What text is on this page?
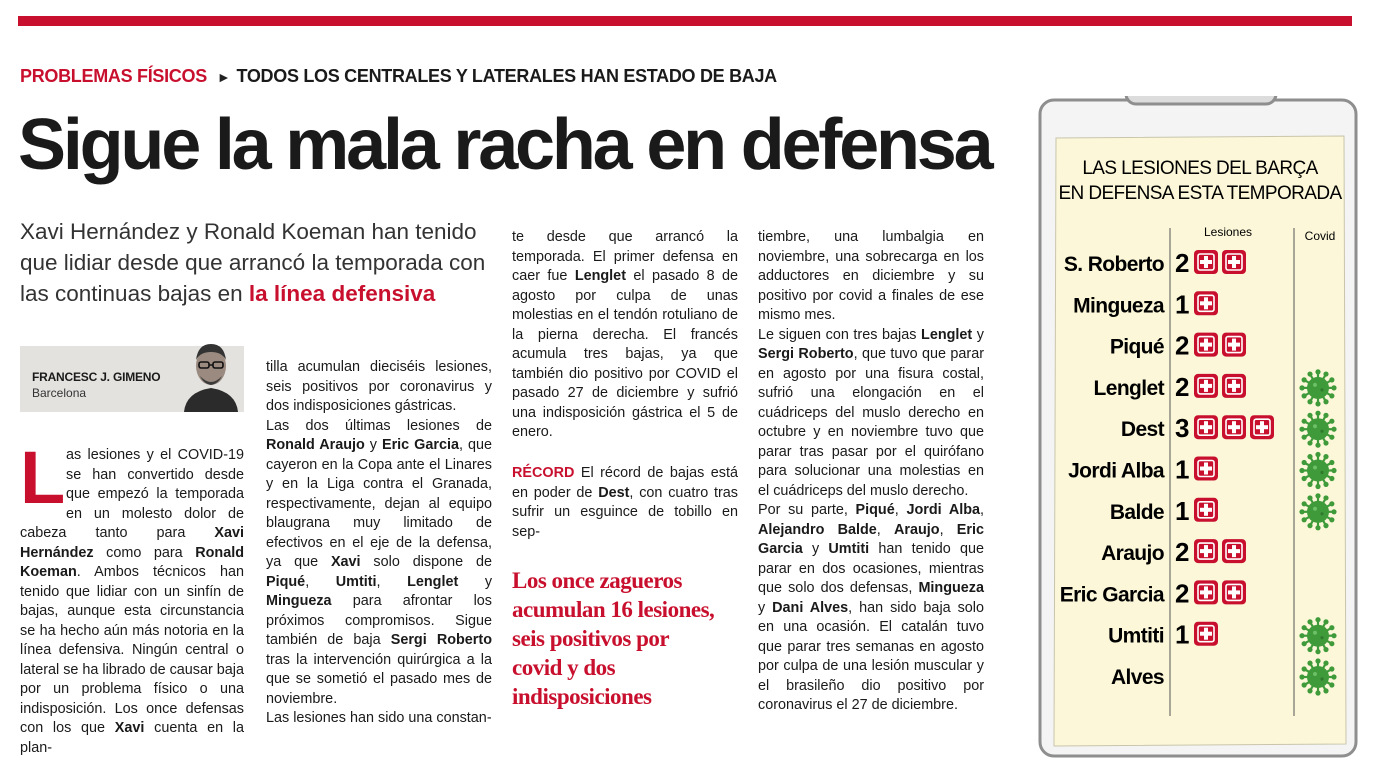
PROBLEMAS FÍSICOS ► TODOS LOS CENTRALES Y LATERALES HAN ESTADO DE BAJA
Sigue la mala racha en defensa

Xavi Hernández y Ronald Koeman han tenido que lidiar desde que arrancó la temporada con las continuas bajas en la línea defensiva

FRANCESC J. GIMENO
Barcelona
Las lesiones y el COVID-19 se han convertido desde que empezó la temporada en un molesto dolor de cabeza tanto para Xavi Hernández como para Ronald Koeman. Ambos técnicos han tenido que lidiar con un sinfín de bajas, aunque esta circunstancia se ha hecho aún más notoria en la línea defensiva. Ningún central o lateral se ha librado de causar baja por un problema físico o una indisposición. Los once defensas con los que Xavi cuenta en la plan-
tilla acumulan dieciséis lesiones, seis positivos por coronavirus y dos indisposiciones gástricas.
Las dos últimas lesiones de Ronald Araujo y Eric Garcia, que cayeron en la Copa ante el Linares y en la Liga contra el Granada, respectivamente, dejan al equipo blaugrana muy limitado de efectivos en el eje de la defensa, ya que Xavi solo dispone de Piqué, Umtiti, Lenglet y Mingueza para afrontar los próximos compromisos. Sigue también de baja Sergi Roberto tras la intervención quirúrgica a la que se sometió el pasado mes de noviembre.
Las lesiones han sido una constan-
te desde que arrancó la temporada. El primer defensa en caer fue Lenglet el pasado 8 de agosto por culpa de unas molestias en el tendón rotuliano de la pierna derecha. El francés acumula tres bajas, ya que también dio positivo por COVID el pasado 27 de diciembre y sufrió una indisposición gástrica el 5 de enero.
RÉCORD El récord de bajas está en poder de Dest, con cuatro tras sufrir un esguince de tobillo en sep-
tiembre, una lumbalgia en noviembre, una sobrecarga en los adductores en diciembre y su positivo por covid a finales de ese mismo mes.
Le siguen con tres bajas Lenglet y Sergi Roberto, que tuvo que parar en agosto por una fisura costal, sufrió una elongación en el cuádriceps del muslo derecho en octubre y en noviembre tuvo que parar tras pasar por el quirófano para solucionar una molestias en el cuádriceps del muslo derecho.
Por su parte, Piqué, Jordi Alba, Alejandro Balde, Araujo, Eric Garcia y Umtiti han tenido que parar en dos ocasiones, mientras que solo dos defensas, Mingueza y Dani Alves, han sido baja solo en una ocasión. El catalán tuvo que parar tres semanas en agosto por culpa de una lesión muscular y el brasileño dio positivo por coronavirus el 27 de diciembre.
Los once zagueros acumulan 16 lesiones, seis positivos por covid y dos indisposiciones
LAS LESIONES DEL BARÇA
EN DEFENSA ESTA TEMPORADA
Lesiones	Covid
S. Roberto 2
Mingueza 1
Piqué 2
Lenglet 2
Dest 3
Jordi Alba 1
Balde 1
Araujo 2
Eric Garcia 2
Umtiti 1
Alves
